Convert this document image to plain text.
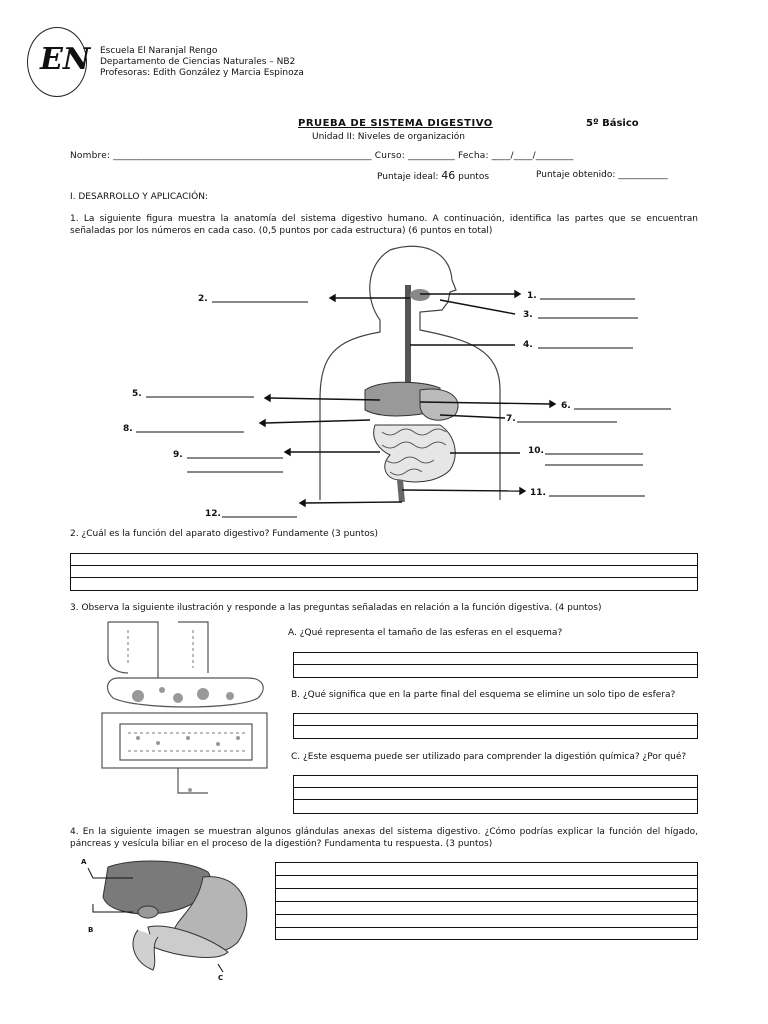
EN Escuela El Naranjal Rengo
Departamento de Ciencias Naturales – NB2
Profesoras: Edith González y Marcia Espinoza
PRUEBA DE SISTEMA DIGESTIVO	5º Básico
Unidad II: Niveles de organización
Nombre: _______________________________________________________ Curso: __________ Fecha: ____/____/________
Puntaje ideal: 46 puntos	Puntaje obtenido: ___________
I. DESARROLLO Y APLICACIÓN:
1. La siguiente figura muestra la anatomía del sistema digestivo humano. A continuación, identifica las partes que se encuentran señaladas por los números en cada caso. (0,5 puntos por cada estructura) (6 puntos en total)
1.
2.
3.
4.
5.
6.
7.
8.
9.	10.
11.
12.
2. ¿Cuál es la función del aparato digestivo? Fundamente (3 puntos)
3. Observa la siguiente ilustración y responde a las preguntas señaladas en relación a la función digestiva. (4 puntos)
A. ¿Qué representa el tamaño de las esferas en el esquema?
B. ¿Qué significa que en la parte final del esquema se elimine un solo tipo de esfera?
C. ¿Este esquema puede ser utilizado para comprender la digestión química? ¿Por qué?
4. En la siguiente imagen se muestran algunos glándulas anexas del sistema digestivo. ¿Cómo podrías explicar la función del hígado, páncreas y vesícula biliar en el proceso de la digestión? Fundamenta tu respuesta. (3 puntos)
A
B
C
